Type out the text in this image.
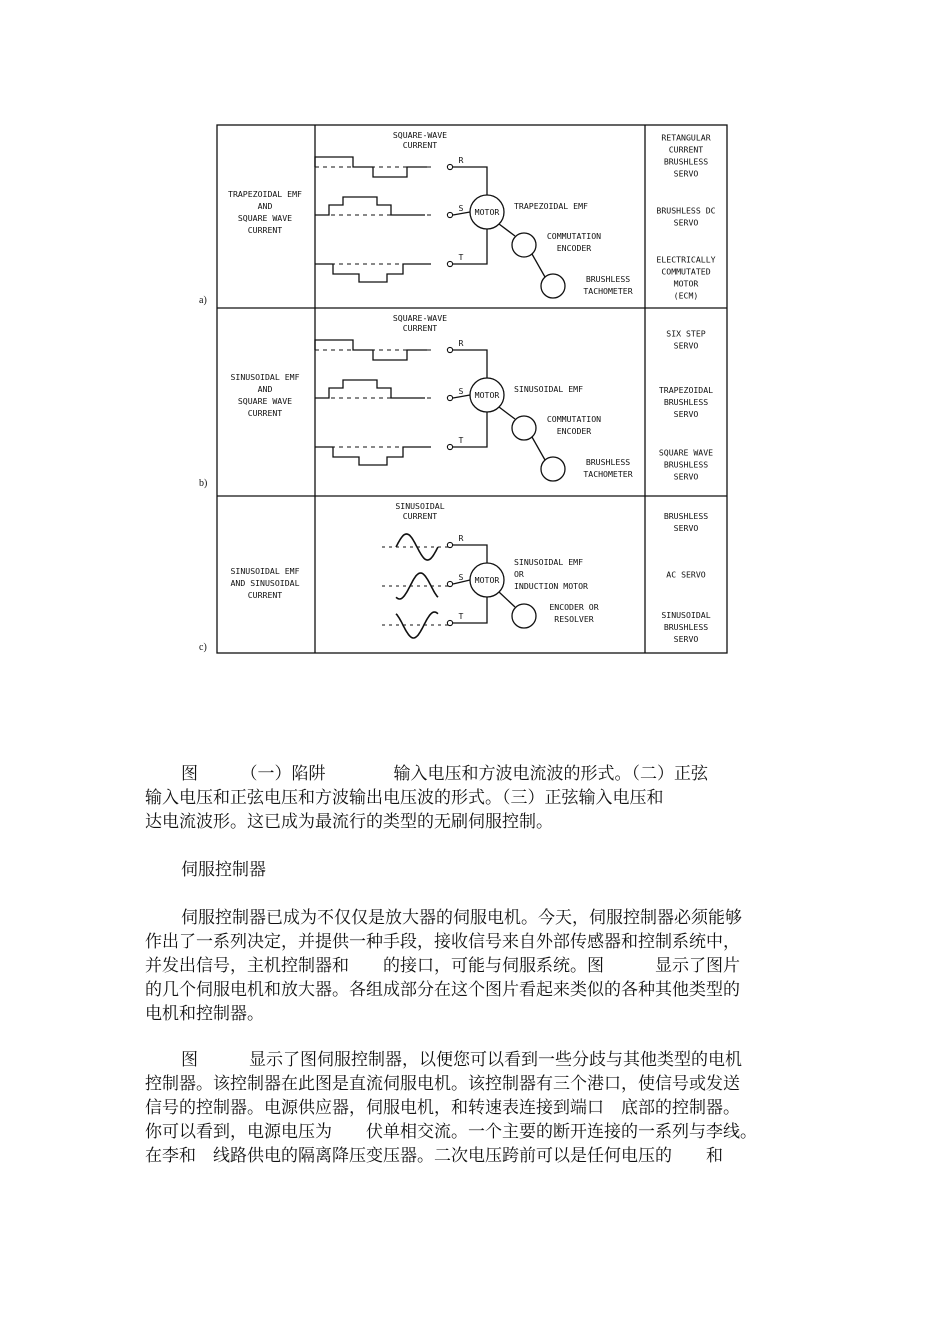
a)
TRAPEZOIDAL EMF
AND
SQUARE WAVE
CURRENT
SQUARE-WAVE
CURRENT
R
S
T
MOTOR
TRAPEZOIDAL EMF
COMMUTATION
ENCODER
BRUSHLESS
TACHOMETER
RETANGULAR
CURRENT
BRUSHLESS
SERVO
BRUSHLESS DC
SERVO
ELECTRICALLY
COMMUTATED
MOTOR
(ECM)
b)
SINUSOIDAL EMF
AND
SQUARE WAVE
CURRENT
SQUARE-WAVE
CURRENT
R
S
T
MOTOR
SINUSOIDAL EMF
COMMUTATION
ENCODER
BRUSHLESS
TACHOMETER
SIX STEP
SERVO
TRAPEZOIDAL
BRUSHLESS
SERVO
SQUARE WAVE
BRUSHLESS
SERVO
c)
SINUSOIDAL EMF
AND SINUSOIDAL
CURRENT
SINUSOIDAL
CURRENT
R
S
T
MOTOR
SINUSOIDAL EMF
OR
INDUCTION MOTOR
ENCODER OR
RESOLVER
BRUSHLESS
SERVO
AC SERVO
SINUSOIDAL
BRUSHLESS
SERVO

图　　　（一）陷阱　　　　输入电压和方波电流波的形式。（二）正弦

输入电压和正弦电压和方波输出电压波的形式。（三）正弦输入电压和

达电流波形。这已成为最流行的类型的无刷伺服控制。

伺服控制器

伺服控制器已成为不仅仅是放大器的伺服电机。今天，伺服控制器必须能够

作出了一系列决定，并提供一种手段，接收信号来自外部传感器和控制系统中，

并发出信号，主机控制器和　　的接口，可能与伺服系统。图　　　显示了图片

的几个伺服电机和放大器。各组成部分在这个图片看起来类似的各种其他类型的

电机和控制器。

图　　　显示了图伺服控制器，以便您可以看到一些分歧与其他类型的电机

控制器。该控制器在此图是直流伺服电机。该控制器有三个港口，使信号或发送

信号的控制器。电源供应器，伺服电机，和转速表连接到端口　底部的控制器。

你可以看到，电源电压为　　伏单相交流。一个主要的断开连接的一系列与李线。

在李和　线路供电的隔离降压变压器。二次电压跨前可以是任何电压的　　和
